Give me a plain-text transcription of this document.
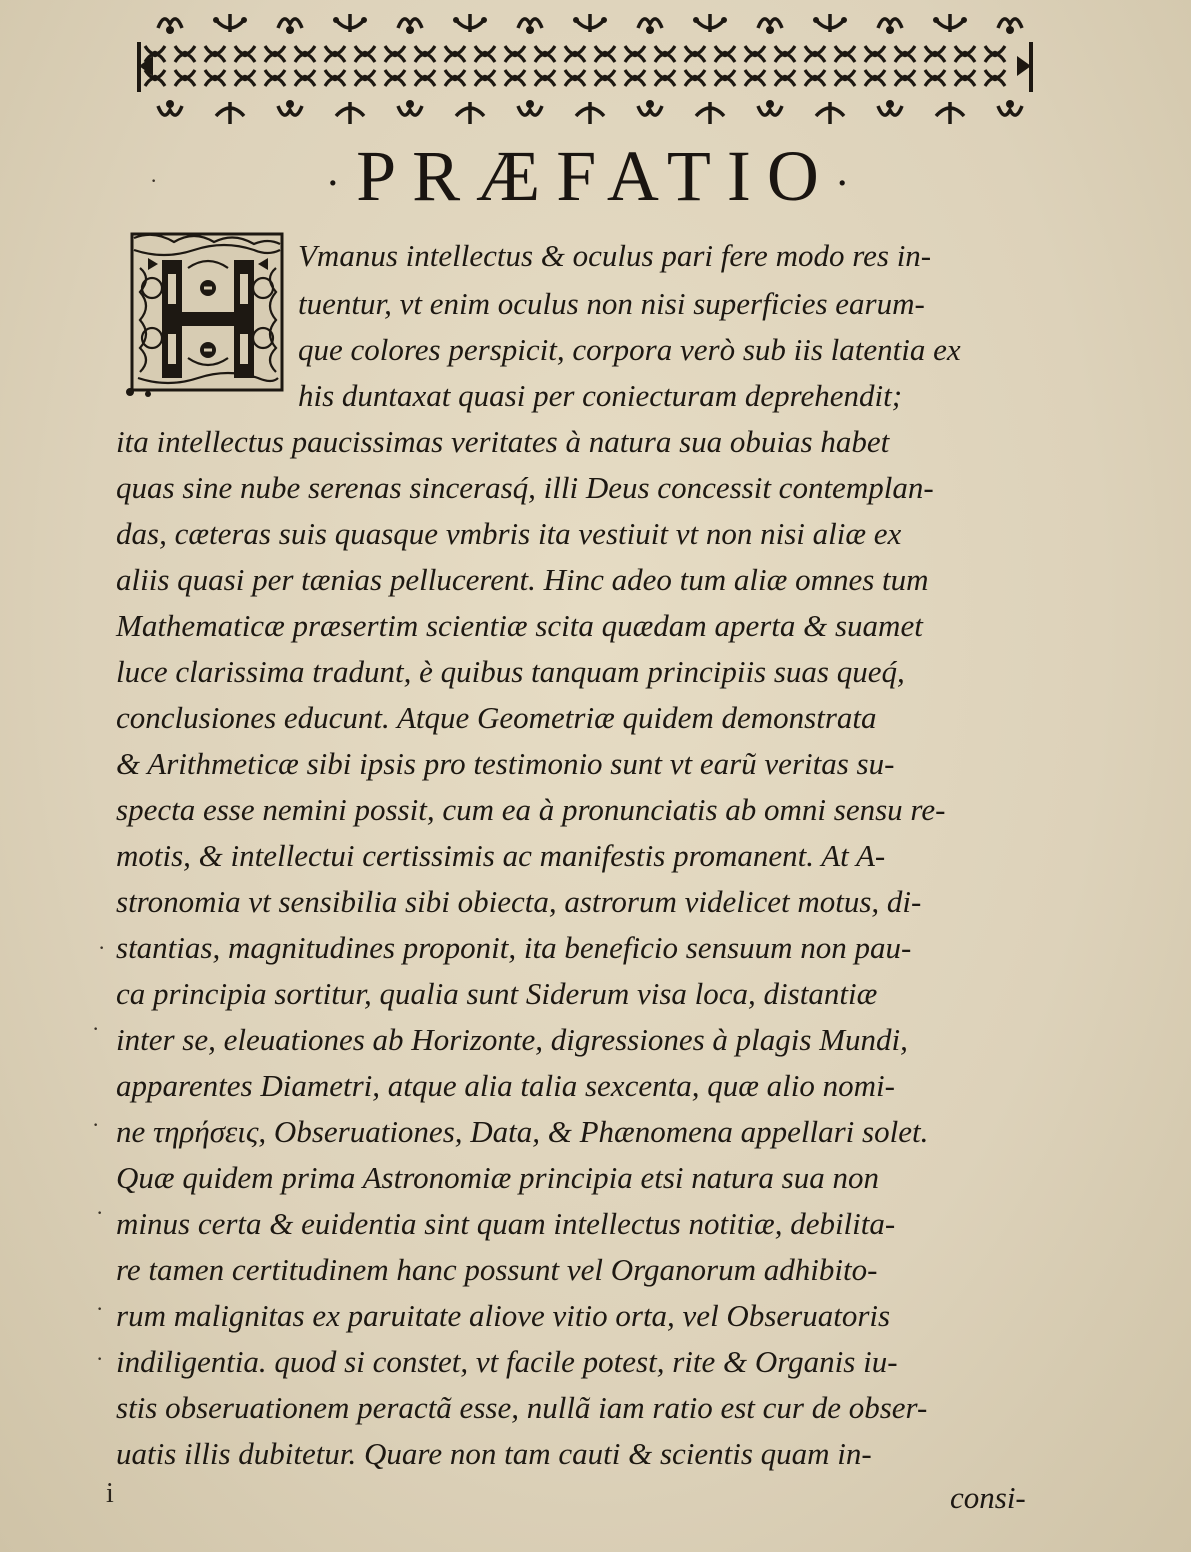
·PRÆFATIO·

Vmanus intellectus & oculus pari fere modo res in-

tuentur, vt enim oculus non nisi superficies earum-

que colores perspicit, corpora verò sub iis latentia ex

his duntaxat quasi per coniecturam deprehendit;

ita intellectus paucissimas veritates à natura sua obuias habet

quas sine nube serenas sincerasq́, illi Deus concessit contemplan-

das, cæteras suis quasque vmbris ita vestiuit vt non nisi aliæ ex

aliis quasi per tænias pellucerent. Hinc adeo tum aliæ omnes tum

Mathematicæ præsertim scientiæ scita quædam aperta & suamet

luce clarissima tradunt, è quibus tanquam principiis suas queq́,

conclusiones educunt. Atque Geometriæ quidem demonstrata

& Arithmeticæ sibi ipsis pro testimonio sunt vt earũ veritas su-

specta esse nemini possit, cum ea à pronunciatis ab omni sensu re-

motis, & intellectui certissimis ac manifestis promanent. At A-

stronomia vt sensibilia sibi obiecta, astrorum videlicet motus, di-

stantias, magnitudines proponit, ita beneficio sensuum non pau-

ca principia sortitur, qualia sunt Siderum visa loca, distantiæ

inter se, eleuationes ab Horizonte, digressiones à plagis Mundi,

apparentes Diametri, atque alia talia sexcenta, quæ alio nomi-

ne τηρήσεις, Obseruationes, Data, & Phænomena appellari solet.

Quæ quidem prima Astronomiæ principia etsi natura sua non

minus certa & euidentia sint quam intellectus notitiæ, debilita-

re tamen certitudinem hanc possunt vel Organorum adhibito-

rum malignitas ex paruitate aliove vitio orta, vel Obseruatoris

indiligentia. quod si constet, vt facile potest, rite & Organis iu-

stis obseruationem peractã esse, nullã iam ratio est cur de obser-

uatis illis dubitetur. Quare non tam cauti & scientis quam in-

consi-

i
·
·
·
·
·
·
·
